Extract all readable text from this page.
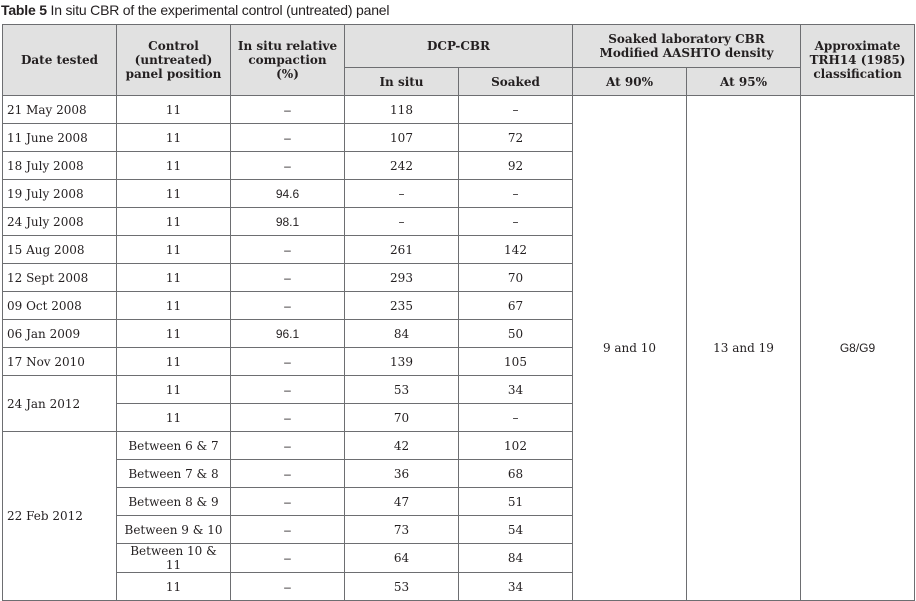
Table 5 In situ CBR of the experimental control (untreated) panel
Date tested	Control (untreated) panel position	In situ relative compaction (%)	DCP-CBR		Soaked laboratory CBR Modified AASHTO density		Approximate TRH14 (1985) classification
			In situ	Soaked	At 90%	At 95%	
21 May 2008	11	–	118	–	9 and 10	13 and 19	G8/G9
11 June 2008	11	–	107	72			
18 July 2008	11	–	242	92			
19 July 2008	11	94.6	–	–			
24 July 2008	11	98.1	–	–			
15 Aug 2008	11	–	261	142			
12 Sept 2008	11	–	293	70			
09 Oct 2008	11	–	235	67			
06 Jan 2009	11	96.1	84	50			
17 Nov 2010	11	–	139	105			
24 Jan 2012	11	–	53	34			
	11	–	70	–			
22 Feb 2012	Between 6 & 7	–	42	102			
	Between 7 & 8	–	36	68			
	Between 8 & 9	–	47	51			
	Between 9 & 10	–	73	54			
	Between 10 & 11	–	64	84			
	11	–	53	34			
